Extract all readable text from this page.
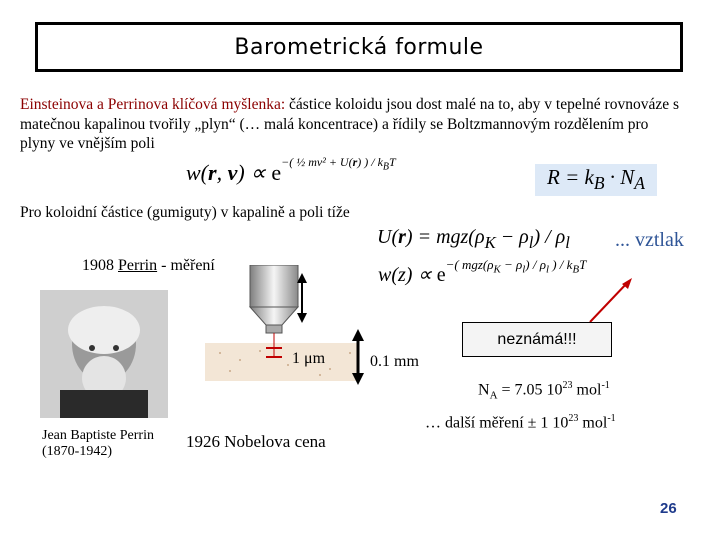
Barometrická formule
Einsteinova a Perrinova klíčová myšlenka: částice koloidu jsou dost malé na to, aby v tepelné rovnováze s matečnou kapalinou tvořily „plyn“ (… malá koncentrace) a řídily se Boltzmannovým rozdělením pro plyny ve vnějším poli
w(r, $v) \propto e^{-( \frac{1}{2} mv^2 + U(r) ) / k_BT}$
$R = k_B \cdot N_A$
Pro koloidní částice (gumiguty) v kapalině a poli tíže
$U(r) = mgz(\rho_K - \rho_l) / \rho_l$ ... vztlak
1908 Perrin - měření	$w(z) \propto e^{-( mgz(\rho_K - \rho_l) / \rho_l ) / k_BT}$
Jean Baptiste Perrin
(1870-1942)
1926 Nobelova cena
1 μm	0.1 mm
neznámá!!!
$N_A = 7.05$ $10^{23}$ mol$^{-1}$
… další měření ± 1 $10^{23}$ mol$^{-1}$
26
